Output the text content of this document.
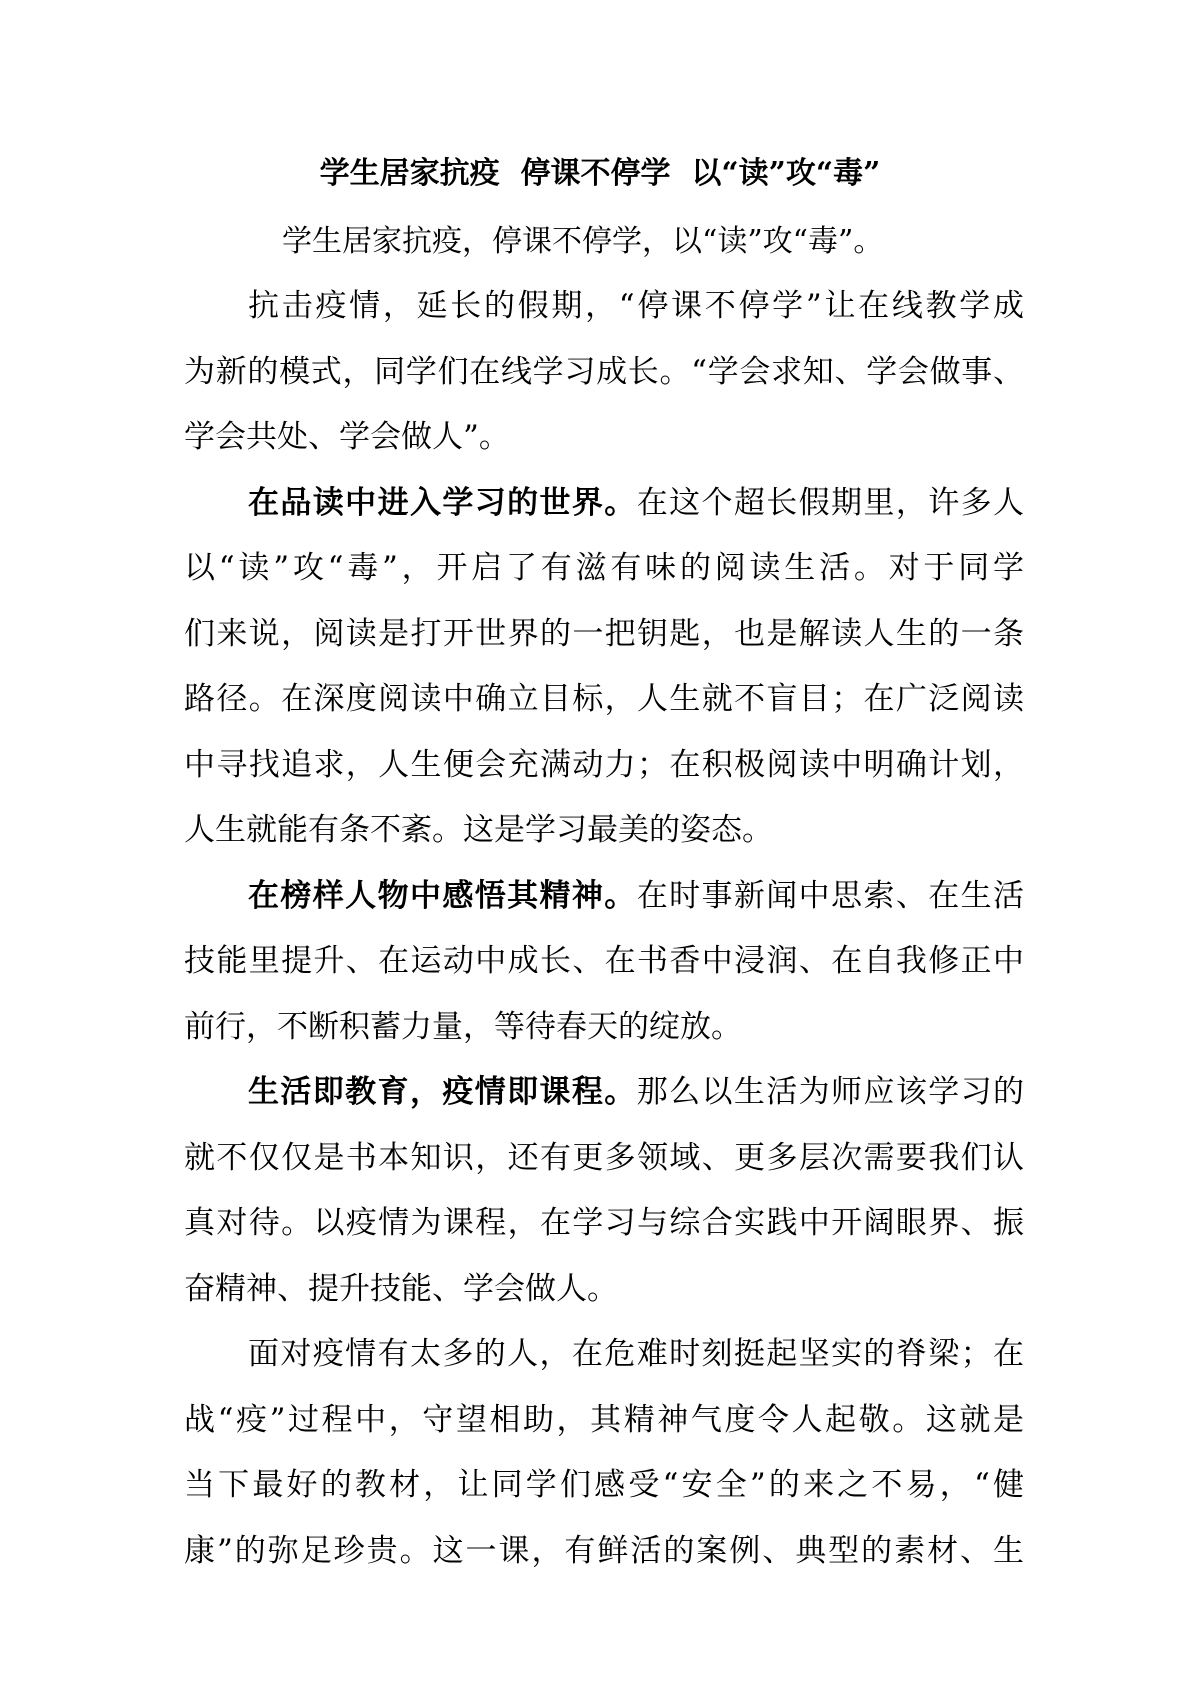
学生居家抗疫  停课不停学  以“读”攻“毒”
学生居家抗疫，停课不停学，以“读”攻“毒”。
抗击疫情，延长的假期，“停课不停学”让在线教学成
为新的模式，同学们在线学习成长。“学会求知、学会做事、
学会共处、学会做人”。
在品读中进入学习的世界。在这个超长假期里，许多人
以“读”攻“毒”，开启了有滋有味的阅读生活。对于同学
们来说，阅读是打开世界的一把钥匙，也是解读人生的一条
路径。在深度阅读中确立目标，人生就不盲目；在广泛阅读
中寻找追求，人生便会充满动力；在积极阅读中明确计划，
人生就能有条不紊。这是学习最美的姿态。
在榜样人物中感悟其精神。在时事新闻中思索、在生活
技能里提升、在运动中成长、在书香中浸润、在自我修正中
前行，不断积蓄力量，等待春天的绽放。
生活即教育，疫情即课程。那么以生活为师应该学习的
就不仅仅是书本知识，还有更多领域、更多层次需要我们认
真对待。以疫情为课程，在学习与综合实践中开阔眼界、振
奋精神、提升技能、学会做人。
面对疫情有太多的人，在危难时刻挺起坚实的脊梁；在
战“疫”过程中，守望相助，其精神气度令人起敬。这就是
当下最好的教材，让同学们感受“安全”的来之不易，“健
康”的弥足珍贵。这一课，有鲜活的案例、典型的素材、生
